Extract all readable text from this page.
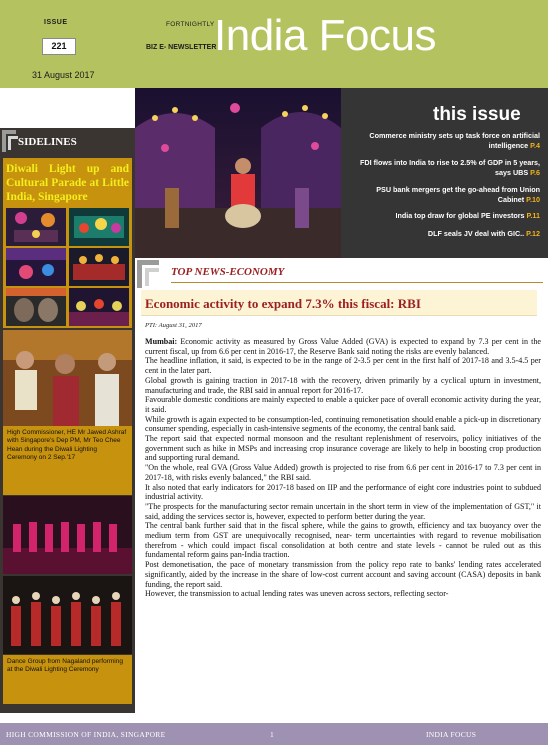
ISSUE
221
31 August 2017
FORTNIGHTLY
BIZ E- NEWSLETTER
India Focus
SIDELINES
Diwali Light up and Cultural Parade at Little India, Singapore
High Commissioner, HE Mr Jawed Ashraf with Singapore's Dep PM, Mr Teo Chee Hean during the Diwali Lighting Ceremony on 2 Sep.'17
Dance Group from Nagaland performing at the Diwali Lighting Ceremony
this issue
Commerce ministry sets up task force on artificial intelligence P.4
FDI flows into India to rise to 2.5% of GDP in 5 years, says UBS P.6
PSU bank mergers get the go-ahead from Union Cabinet P.10
India top draw for global PE investors P.11
DLF seals JV deal with GIC.. P.12
TOP NEWS-ECONOMY
Economic activity to expand 7.3% this fiscal: RBI
PTI: August 31, 2017

Mumbai: Economic activity as measured by Gross Value Added (GVA) is expected to expand by 7.3 per cent in the current fiscal, up from 6.6 per cent in 2016-17, the Reserve Bank said noting the risks are evenly balanced.

The headline inflation, it said, is expected to be in the range of 2-3.5 per cent in the first half of 2017-18 and 3.5-4.5 per cent in the later part.

Global growth is gaining traction in 2017-18 with the recovery, driven primarily by a cyclical upturn in investment, manufacturing and trade, the RBI said in annual report for 2016-17.

Favourable domestic conditions are mainly expected to enable a quicker pace of overall economic activity during the year, it said.

While growth is again expected to be consumption-led, continuing remonetisation should enable a pick-up in discretionary consumer spending, especially in cash-intensive segments of the economy, the central bank said.

The report said that expected normal monsoon and the resultant replenishment of reservoirs, policy initiatives of the government such as hike in MSPs and increasing crop insurance coverage are likely to help in boosting crop production and supporting rural demand.

"On the whole, real GVA (Gross Value Added) growth is projected to rise from 6.6 per cent in 2016-17 to 7.3 per cent in 2017-18, with risks evenly balanced," the RBI said.

It also noted that early indicators for 2017-18 based on IIP and the performance of eight core industries point to subdued industrial activity.

"The prospects for the manufacturing sector remain uncertain in the short term in view of the implementation of GST," it said, adding the services sector is, however, expected to perform better during the year.

The central bank further said that in the fiscal sphere, while the gains to growth, efficiency and tax buoyancy over the medium term from GST are unequivocally recognised, near- term uncertainties with regard to revenue mobilisation therefrom - which could impact fiscal consolidation at both centre and state levels - cannot be ruled out as this fundamental reform gains pan-India traction.

Post demonetisation, the pace of monetary transmission from the policy repo rate to banks' lending rates accelerated significantly, aided by the increase in the share of low-cost current account and saving account (CASA) deposits in bank funding, the report said.

However, the transmission to actual lending rates was uneven across sectors, reflecting sector-

HIGH COMMISSION OF INDIA, SINGAPORE	1	INDIA FOCUS
